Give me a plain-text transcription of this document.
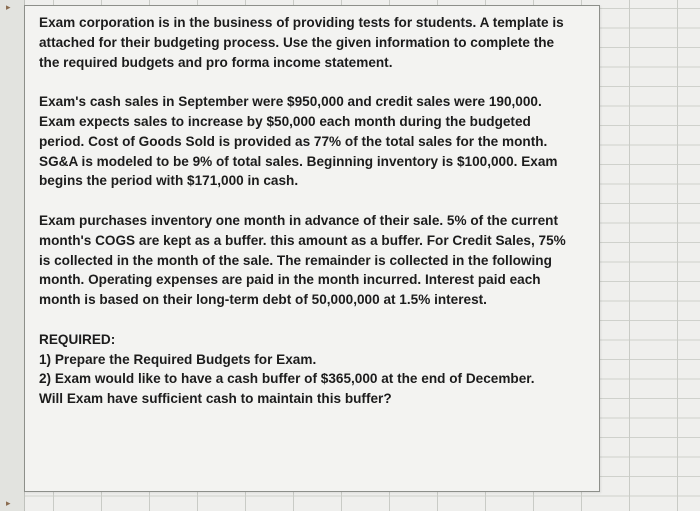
▸
▸

Exam corporation is in the business of providing tests for students. A template is
attached for their budgeting process. Use the given information to complete the
the required budgets and pro forma income statement.

Exam's cash sales in September were $950,000 and credit sales were 190,000.
Exam expects sales to increase by $50,000 each month during the budgeted
period. Cost of Goods Sold is provided as 77% of the total sales for the month.
SG&A is modeled to be 9% of total sales. Beginning inventory is $100,000. Exam
begins the period with $171,000 in cash.

Exam purchases inventory one month in advance of their sale. 5% of the current
month's COGS are kept as a buffer. this amount as a buffer. For Credit Sales, 75%
is collected in the month of the sale. The remainder is collected in the following
month. Operating expenses are paid in the month incurred. Interest paid each
month is based on their long-term debt of 50,000,000 at 1.5% interest.

REQUIRED:

1) Prepare the Required Budgets for Exam.

2) Exam would like to have a cash buffer of $365,000 at the end of December.
Will Exam have sufficient cash to maintain this buffer?
